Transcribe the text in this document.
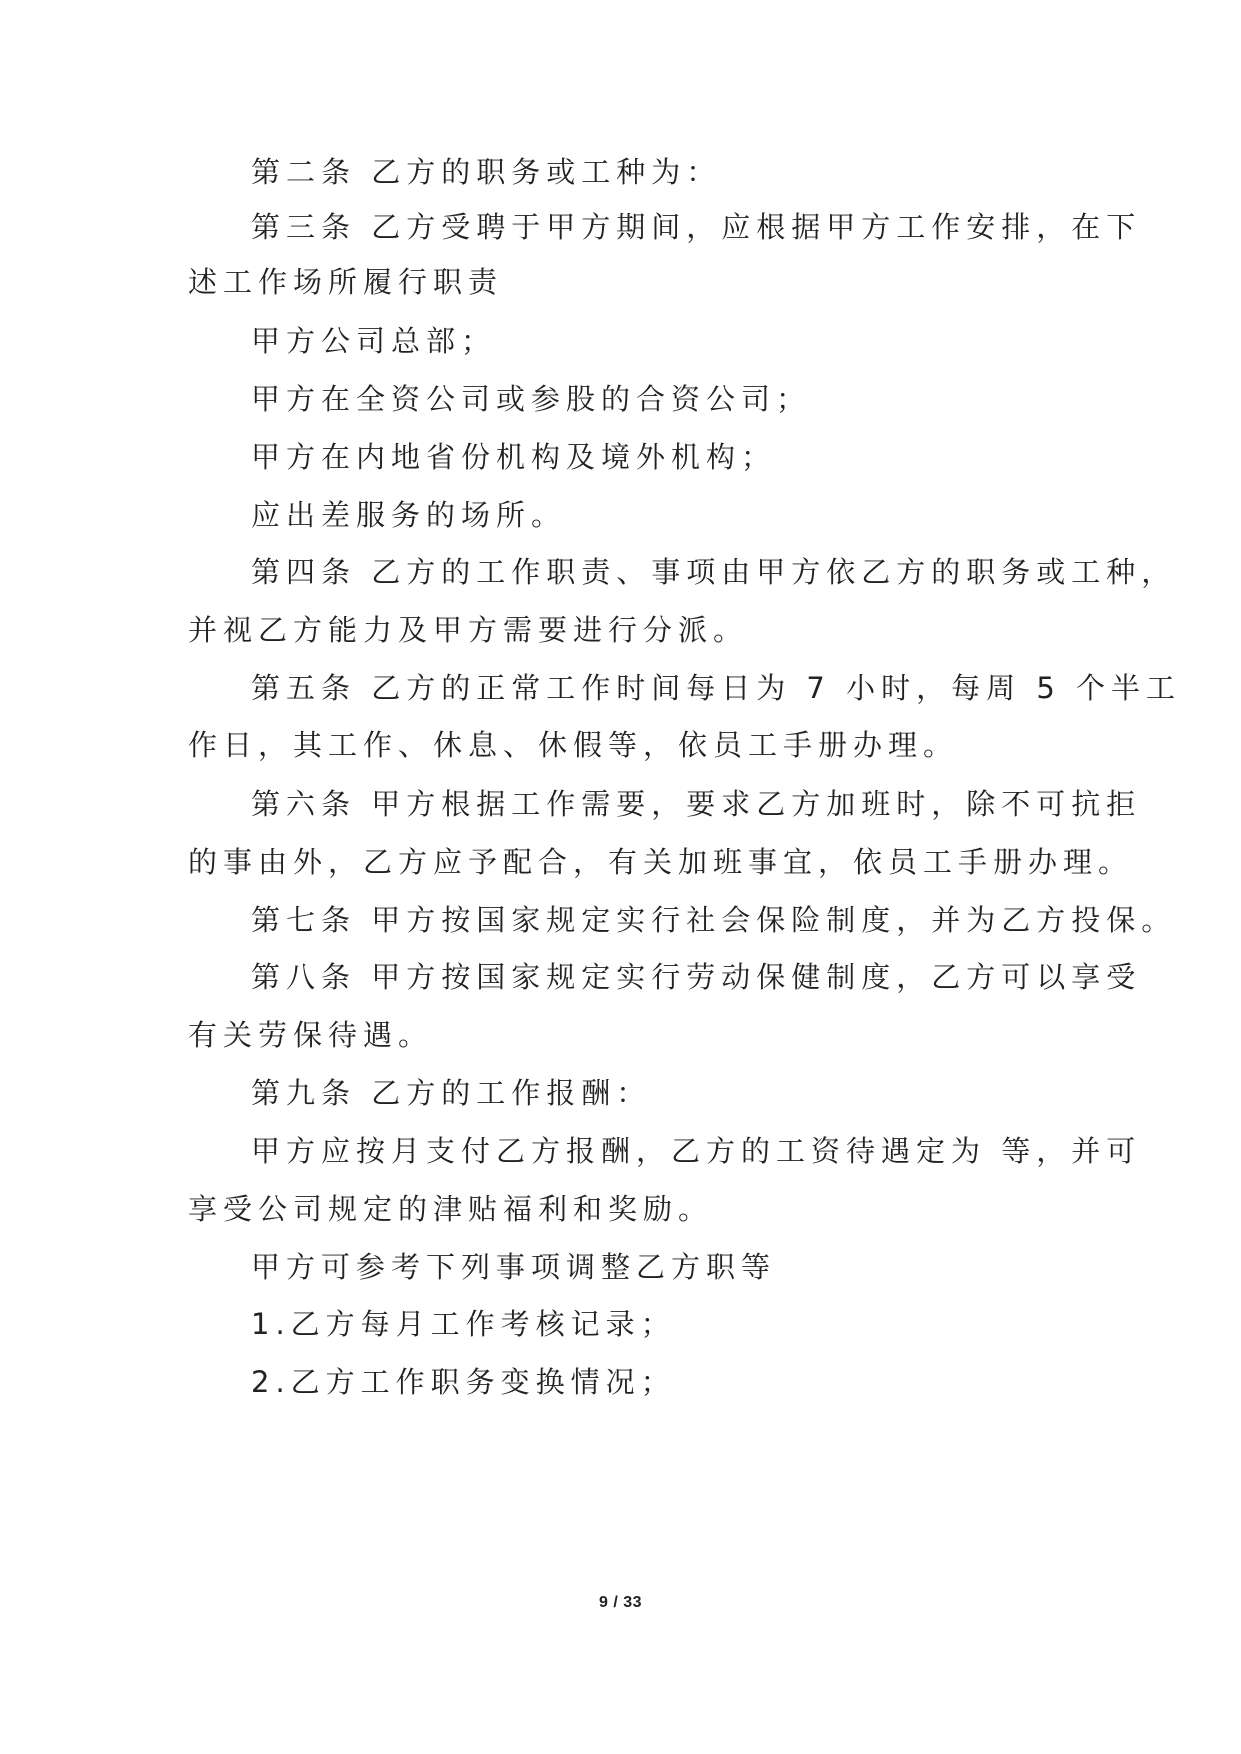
第二条 乙方的职务或工种为：
第三条 乙方受聘于甲方期间，应根据甲方工作安排，在下
述工作场所履行职责
甲方公司总部；
甲方在全资公司或参股的合资公司；
甲方在内地省份机构及境外机构；
应出差服务的场所。
第四条 乙方的工作职责、事项由甲方依乙方的职务或工种，
并视乙方能力及甲方需要进行分派。
第五条 乙方的正常工作时间每日为 7 小时，每周 5 个半工
作日，其工作、休息、休假等，依员工手册办理。
第六条 甲方根据工作需要，要求乙方加班时，除不可抗拒
的事由外，乙方应予配合，有关加班事宜，依员工手册办理。
第七条 甲方按国家规定实行社会保险制度，并为乙方投保。
第八条 甲方按国家规定实行劳动保健制度，乙方可以享受
有关劳保待遇。
第九条 乙方的工作报酬：
甲方应按月支付乙方报酬，乙方的工资待遇定为 等，并可
享受公司规定的津贴福利和奖励。
甲方可参考下列事项调整乙方职等
1.乙方每月工作考核记录；
2.乙方工作职务变换情况；
9 / 33
